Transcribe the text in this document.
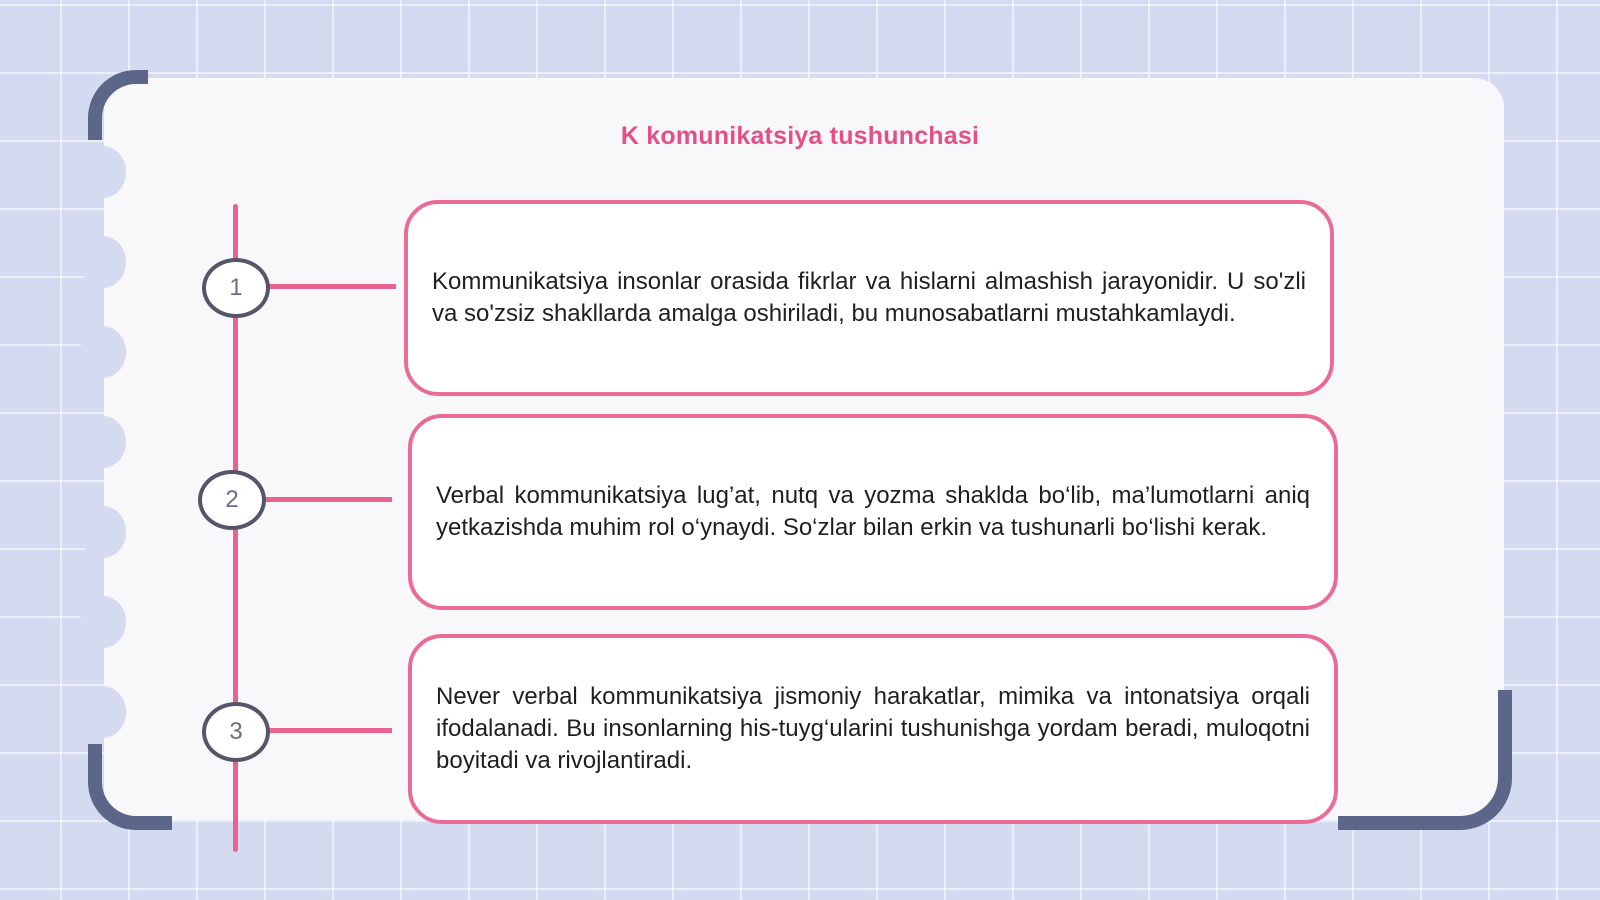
K komunikatsiya tushunchasi
1
2
3

Kommunikatsiya insonlar orasida fikrlar va hislarni almashish jarayonidir. U so'zli va so'zsiz shakllarda amalga oshiriladi, bu munosabatlarni mustahkamlaydi.

Verbal kommunikatsiya lug’at, nutq va yozma shaklda bo‘lib, ma’lumotlarni aniq yetkazishda muhim rol o‘ynaydi. So‘zlar bilan erkin va tushunarli bo‘lishi kerak.

Never verbal kommunikatsiya jismoniy harakatlar, mimika va intonatsiya orqali ifodalanadi. Bu insonlarning his-tuyg‘ularini tushunishga yordam beradi, muloqotni boyitadi va rivojlantiradi.
